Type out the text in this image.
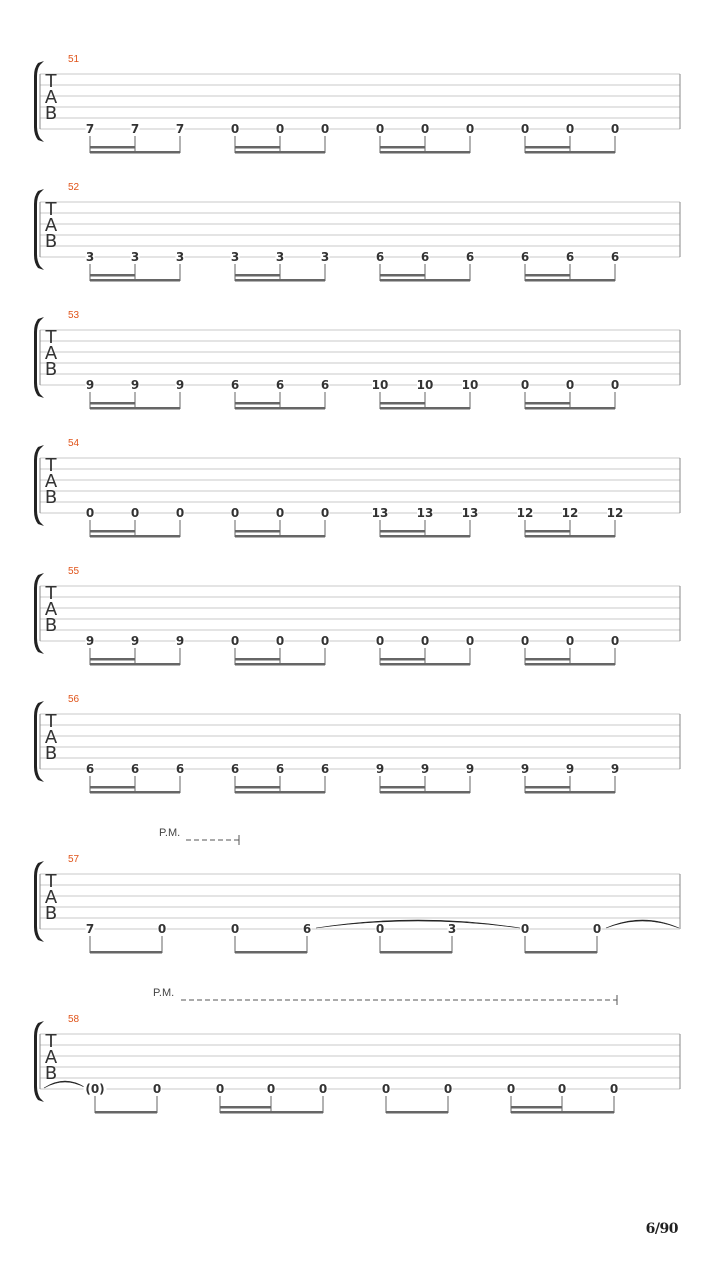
51
T
A
B
7	7	7	0	0	0	0	0	0	0	0	0
52
T
A
B
3	3	3	3	3	3	6	6	6	6	6	6
53
T
A
B
9	9	9	6	6	6	10 10 10	0	0	0
54
T
A
B
0	0	0	0	0	0	13 13 13	12 12 12
55
T
A
B
9	9	9	0	0	0	0	0	0	0	0	0
56
T
A
B
6	6	6	6	6	6	9	9	9	9	9	9
57
T
A
B
P.M.
7	0	0	6	0	3	0	0
58
T
A
B
P.M.
(0)	0	0	0	0	0	0	0	0	0
6/90
